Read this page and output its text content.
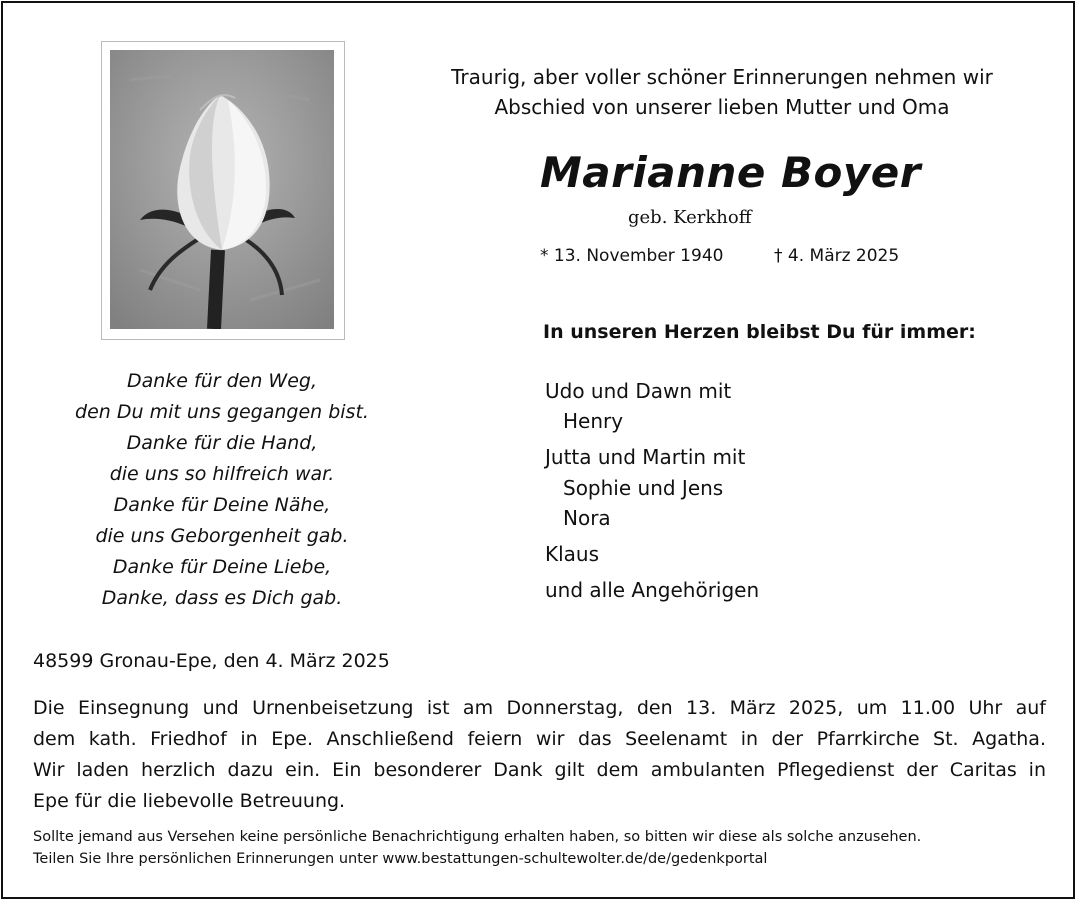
Traurig, aber voller schöner Erinnerungen nehmen wir
Abschied von unserer lieben Mutter und Oma
Marianne Boyer
geb. Kerkhoff
* 13. November 1940	† 4. März 2025
In unseren Herzen bleibst Du für immer:
Udo und Dawn mit
Henry
Jutta und Martin mit
Sophie und Jens
Nora
Klaus
und alle Angehörigen
Danke für den Weg,
den Du mit uns gegangen bist.
Danke für die Hand,
die uns so hilfreich war.
Danke für Deine Nähe,
die uns Geborgenheit gab.
Danke für Deine Liebe,
Danke, dass es Dich gab.
48599 Gronau-Epe, den 4. März 2025
Die Einsegnung und Urnenbeisetzung ist am Donnerstag, den 13. März 2025, um 11.00 Uhr auf
dem kath. Friedhof in Epe. Anschließend feiern wir das Seelenamt in der Pfarrkirche St. Agatha.
Wir laden herzlich dazu ein. Ein besonderer Dank gilt dem ambulanten Pflegedienst der Caritas in
Epe für die liebevolle Betreuung.
Sollte jemand aus Versehen keine persönliche Benachrichtigung erhalten haben, so bitten wir diese als solche anzusehen.
Teilen Sie Ihre persönlichen Erinnerungen unter www.bestattungen-schultewolter.de/de/gedenkportal
